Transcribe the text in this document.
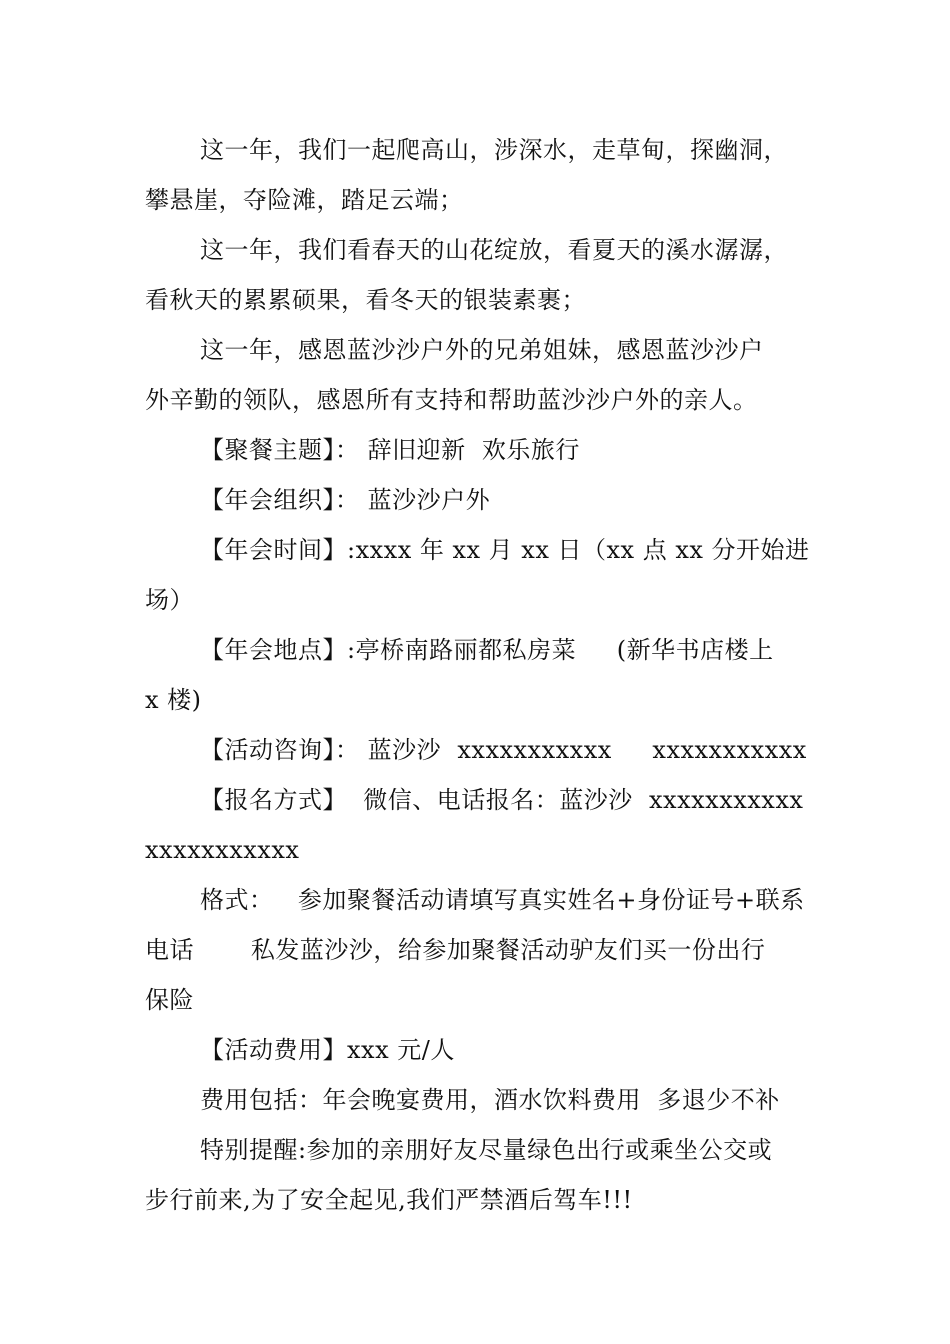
这一年，我们一起爬高山，涉深水，走草甸，探幽洞，
攀悬崖，夺险滩，踏足云端；
这一年，我们看春天的山花绽放，看夏天的溪水潺潺，
看秋天的累累硕果，看冬天的银装素裹；
这一年，感恩蓝沙沙户外的兄弟姐妹，感恩蓝沙沙户
外辛勤的领队，感恩所有支持和帮助蓝沙沙户外的亲人。
【聚餐主题】： 辞旧迎新  欢乐旅行
【年会组织】： 蓝沙沙户外
【年会时间】:xxxx 年 xx 月 xx 日（xx 点 xx 分开始进
场）
【年会地点】:亭桥南路丽都私房菜     (新华书店楼上
x 楼)
【活动咨询】： 蓝沙沙  xxxxxxxxxxx     xxxxxxxxxxx
【报名方式】  微信、电话报名：蓝沙沙  xxxxxxxxxxx
xxxxxxxxxxx
格式：   参加聚餐活动请填写真实姓名+身份证号+联系
电话       私发蓝沙沙，给参加聚餐活动驴友们买一份出行
保险
【活动费用】xxx 元/人
费用包括：年会晚宴费用，酒水饮料费用  多退少不补
特别提醒:参加的亲朋好友尽量绿色出行或乘坐公交或
步行前来,为了安全起见,我们严禁酒后驾车!!!
